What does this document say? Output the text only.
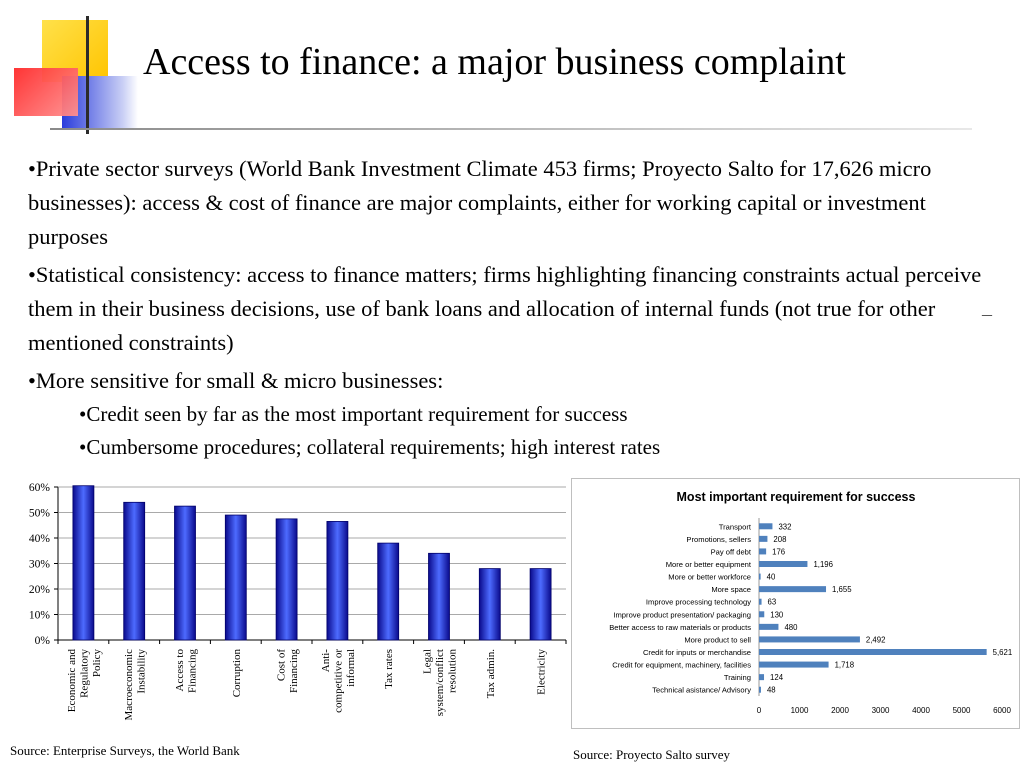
Access to finance: a major business complaint

•Private sector surveys (World Bank Investment Climate 453 firms; Proyecto Salto for 17,626 micro businesses): access & cost of finance are major complaints, either for working capital or investment purposes

•Statistical consistency: access to finance matters; firms highlighting financing constraints actual perceive them in their business decisions, use of bank loans and allocation of internal funds (not true for other mentioned constraints)

•More sensitive for small & micro businesses:

•Credit seen by far as the most important requirement for success

•Cumbersome procedures; collateral requirements; high interest rates

–
0%
10%
20%
30%
40%
50%
60%
Economic and Regulatory Policy Macroeconomic Instability Access to Financing	Corruption	Cost of Financing Anti- competitive or informal Tax rates Legal system/conflict resolution Tax admin.	Electricity
Most important requirement for success
Transport	332
Promotions, sellers	208
Pay off debt	176
More or better equipment	1,196
More or better workforce 40
More space	1,655
Improve processing technology 63
Improve product presentation/ packaging 130
Better access to raw materials or products	480
More product to sell	2,492
Credit for inputs or merchandise	5,621
Credit for equipment, machinery, facilities	1,718
Training 124
Technical asistance/ Advisory 48
0	1000	2000	3000	4000	5000	6000
Source: Enterprise Surveys, the World Bank	Source: Proyecto Salto survey
